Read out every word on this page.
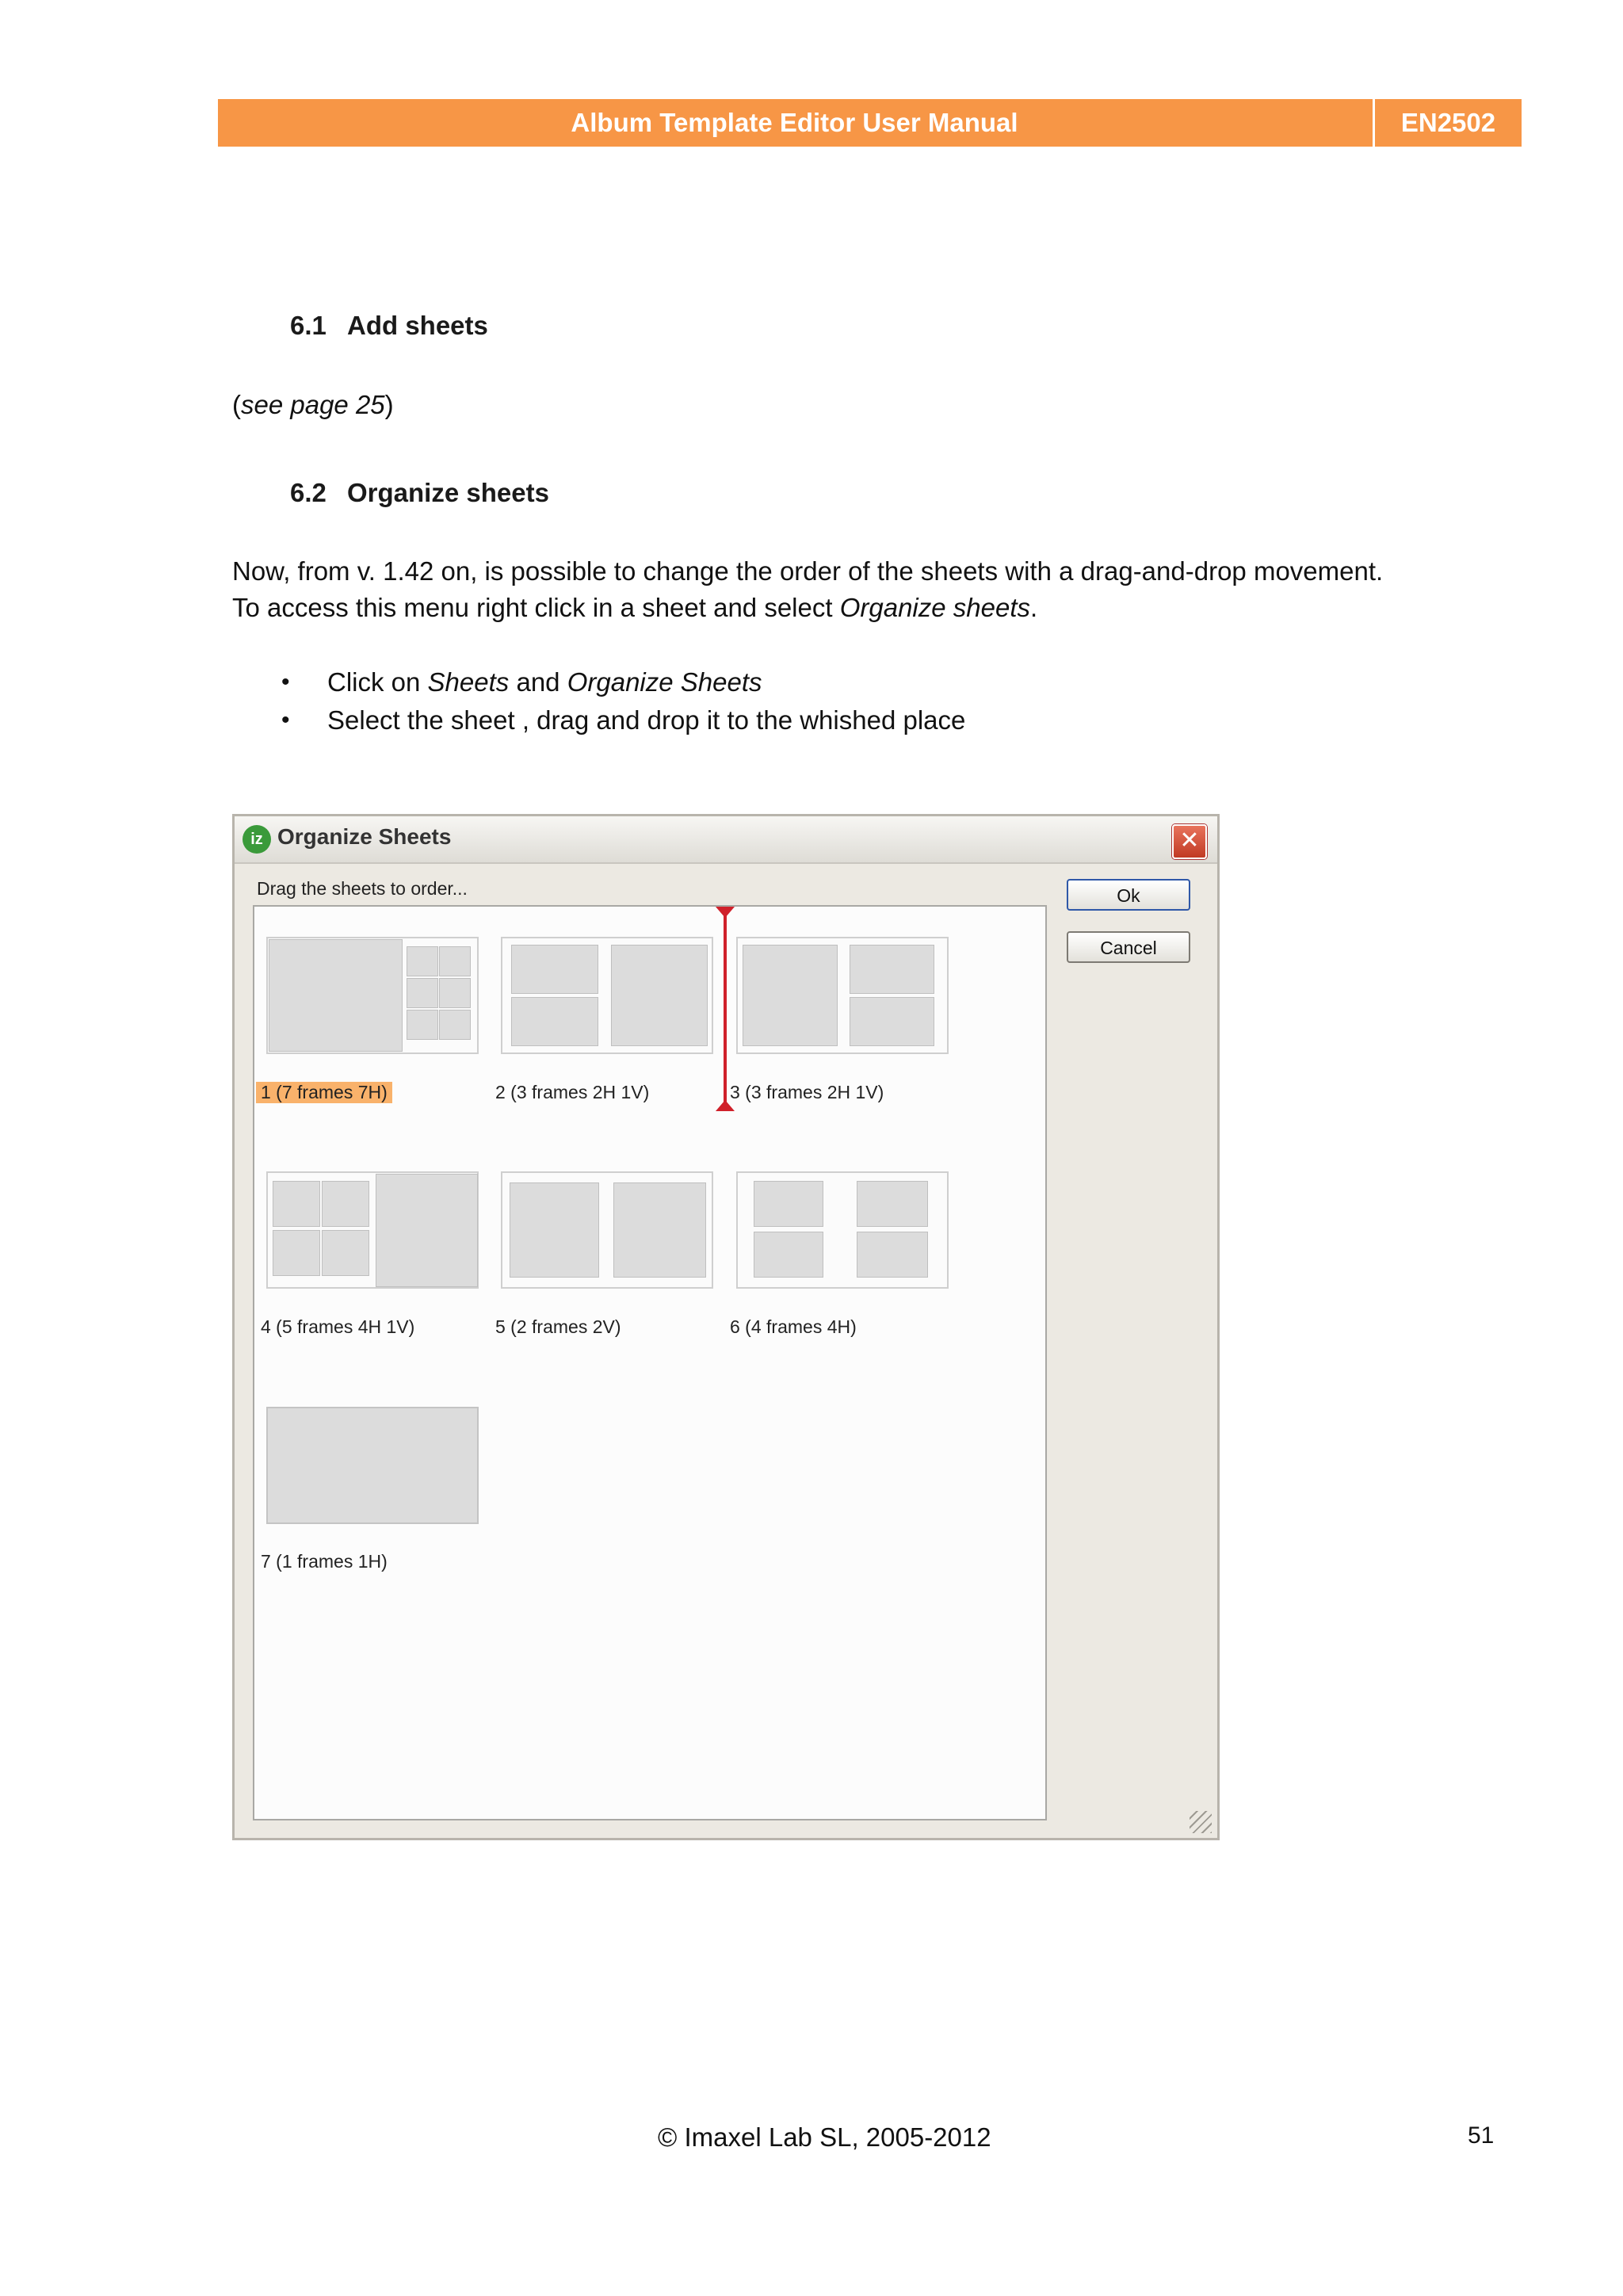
Album Template Editor User Manual	EN2502
6.1 Add sheets
(see page 25)
6.2 Organize sheets
Now, from v. 1.42 on, is possible to change the order of the sheets with a drag-and-drop movement.
To access this menu right click in a sheet and select Organize sheets.
• Click on Sheets and Organize Sheets
• Select the sheet , drag and drop it to the whished place
iz Organize Sheets	✕
Drag the sheets to order...	Ok
Cancel
1 (7 frames 7H)	2 (3 frames 2H 1V)	3 (3 frames 2H 1V)
4 (5 frames 4H 1V)	5 (2 frames 2V)	6 (4 frames 4H)
7 (1 frames 1H)
© Imaxel Lab SL, 2005-2012	51
